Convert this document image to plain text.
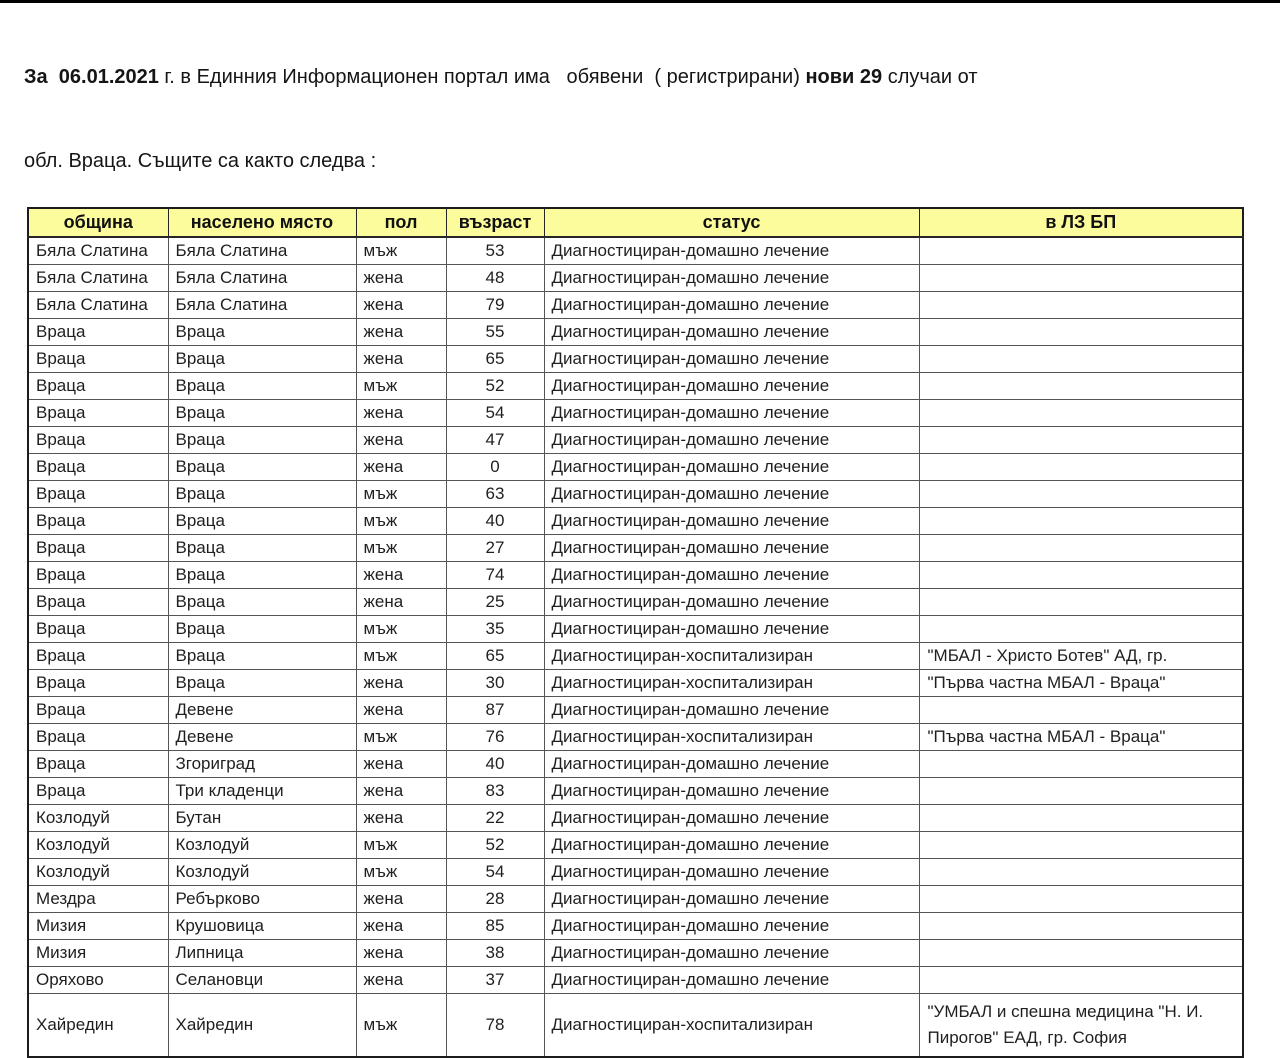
За  06.01.2021 г. в Единния Информационен портал има   обявени  ( регистрирани) нови 29 случаи от

обл. Враца. Същите са както следва :

община	населено място	пол	възраст	статус	в ЛЗ БП
Бяла Слатина	Бяла Слатина	мъж	53	Диагностициран-домашно лечение	
Бяла Слатина	Бяла Слатина	жена	48	Диагностициран-домашно лечение	
Бяла Слатина	Бяла Слатина	жена	79	Диагностициран-домашно лечение	
Враца	Враца	жена	55	Диагностициран-домашно лечение	
Враца	Враца	жена	65	Диагностициран-домашно лечение	
Враца	Враца	мъж	52	Диагностициран-домашно лечение	
Враца	Враца	жена	54	Диагностициран-домашно лечение	
Враца	Враца	жена	47	Диагностициран-домашно лечение	
Враца	Враца	жена	0	Диагностициран-домашно лечение	
Враца	Враца	мъж	63	Диагностициран-домашно лечение	
Враца	Враца	мъж	40	Диагностициран-домашно лечение	
Враца	Враца	мъж	27	Диагностициран-домашно лечение	
Враца	Враца	жена	74	Диагностициран-домашно лечение	
Враца	Враца	жена	25	Диагностициран-домашно лечение	
Враца	Враца	мъж	35	Диагностициран-домашно лечение	
Враца	Враца	мъж	65	Диагностициран-хоспитализиран	"МБАЛ - Христо Ботев" АД, гр.
Враца	Враца	жена	30	Диагностициран-хоспитализиран	"Първа частна МБАЛ - Враца"
Враца	Девене	жена	87	Диагностициран-домашно лечение	
Враца	Девене	мъж	76	Диагностициран-хоспитализиран	"Първа частна МБАЛ - Враца"
Враца	Згориград	жена	40	Диагностициран-домашно лечение	
Враца	Три кладенци	жена	83	Диагностициран-домашно лечение	
Козлодуй	Бутан	жена	22	Диагностициран-домашно лечение	
Козлодуй	Козлодуй	мъж	52	Диагностициран-домашно лечение	
Козлодуй	Козлодуй	мъж	54	Диагностициран-домашно лечение	
Мездра	Ребърково	жена	28	Диагностициран-домашно лечение	
Мизия	Крушовица	жена	85	Диагностициран-домашно лечение	
Мизия	Липница	жена	38	Диагностициран-домашно лечение	
Оряхово	Селановци	жена	37	Диагностициран-домашно лечение	
Хайредин	Хайредин	мъж	78	Диагностициран-хоспитализиран	"УМБАЛ и спешна медицина "Н. И. Пирогов" ЕАД, гр. София
